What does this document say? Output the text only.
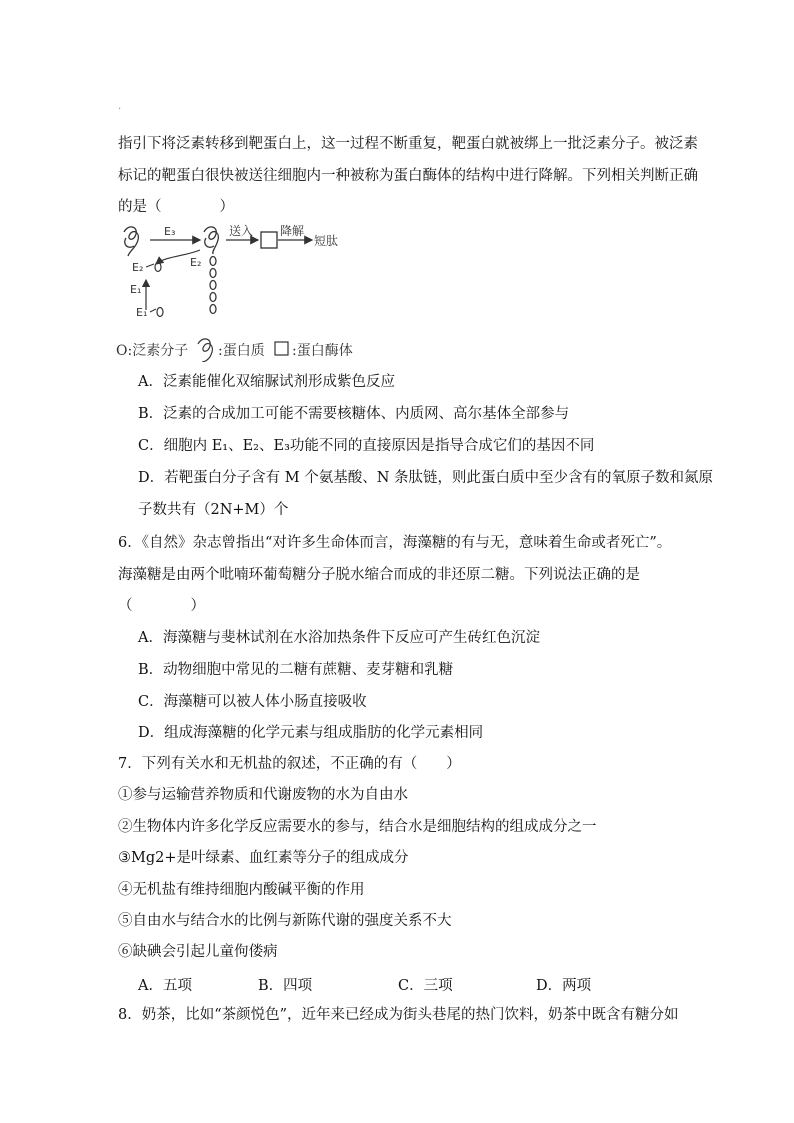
·
指引下将泛素转移到靶蛋白上，这一过程不断重复，靶蛋白就被绑上一批泛素分子。被泛素
标记的靶蛋白很快被送往细胞内一种被称为蛋白酶体的结构中进行降解。下列相关判断正确
的是（　　　　）
E₃
E₂
E₂
E₁
E₁
送入 降解
短肽
O:泛素分子 :蛋白质 :蛋白酶体
A．泛素能催化双缩脲试剂形成紫色反应
B．泛素的合成加工可能不需要核糖体、内质网、高尔基体全部参与
C．细胞内 E₁、E₂、E₃功能不同的直接原因是指导合成它们的基因不同
D．若靶蛋白分子含有 M 个氨基酸、N 条肽链，则此蛋白质中至少含有的氧原子数和氮原
子数共有（2N+M）个
6．《自然》杂志曾指出“对许多生命体而言，海藻糖的有与无，意味着生命或者死亡”。
海藻糖是由两个吡喃环葡萄糖分子脱水缩合而成的非还原二糖。下列说法正确的是
（　　　　）
A．海藻糖与斐林试剂在水浴加热条件下反应可产生砖红色沉淀
B．动物细胞中常见的二糖有蔗糖、麦芽糖和乳糖
C．海藻糖可以被人体小肠直接吸收
D．组成海藻糖的化学元素与组成脂肪的化学元素相同
7．下列有关水和无机盐的叙述，不正确的有（　　）
①参与运输营养物质和代谢废物的水为自由水
②生物体内许多化学反应需要水的参与，结合水是细胞结构的组成成分之一
③Mg2+是叶绿素、血红素等分子的组成成分
④无机盐有维持细胞内酸碱平衡的作用
⑤自由水与结合水的比例与新陈代谢的强度关系不大
⑥缺碘会引起儿童佝偻病
A．五项	B．四项	C．三项	D．两项
8．奶茶，比如“茶颜悦色”，近年来已经成为街头巷尾的热门饮料，奶茶中既含有糖分如
